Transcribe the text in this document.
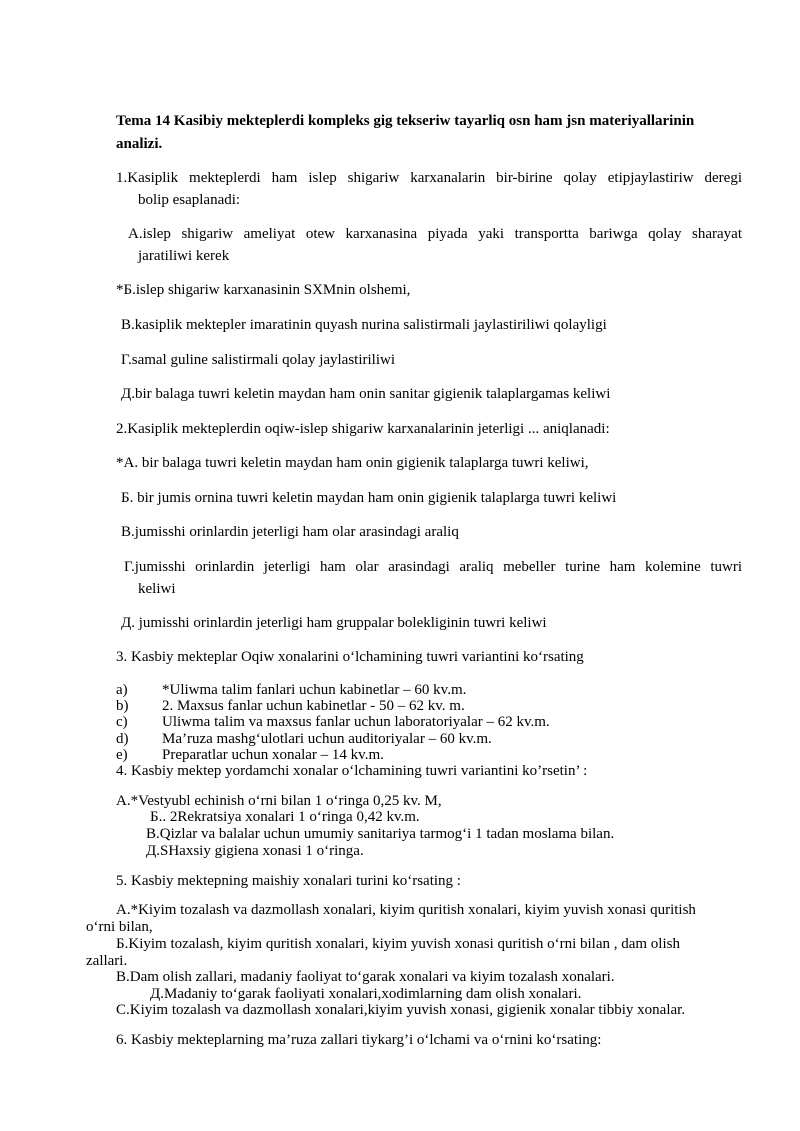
Tema 14 Kasibiy mekteplerdi kompleks gig tekseriw tayarliq osn ham jsn materiyallarinin

analizi.

1.Kasiplik mekteplerdi ham islep shigariw karxanalarin bir-birine qolay etipjaylastiriw deregi

bolip esaplanadi:

A.islep shigariw ameliyat otew karxanasina piyada yaki transportta bariwga qolay sharayat

jaratiliwi kerek

*Б.islep shigariw karxanasinin SXMnin olshemi,

В.kasiplik mektepler imaratinin quyash nurina salistirmali jaylastiriliwi qolayligi

Г.samal guline salistirmali qolay jaylastiriliwi

Д.bir balaga tuwri keletin maydan ham onin sanitar gigienik talaplargamas keliwi

2.Kasiplik mekteplerdin oqiw-islep shigariw karxanalarinin jeterligi ... aniqlanadi:

*A. bir balaga tuwri keletin maydan ham onin gigienik talaplarga tuwri keliwi,

Б. bir jumis ornina tuwri keletin maydan ham onin gigienik talaplarga tuwri keliwi

В.jumisshi orinlardin jeterligi ham olar arasindagi araliq

Г.jumisshi orinlardin jeterligi ham olar arasindagi araliq mebeller turine ham kolemine tuwri

keliwi

Д. jumisshi orinlardin jeterligi ham gruppalar bolekliginin tuwri keliwi

3. Kasbiy mekteplar Oqiw xonalarini o‘lchamining tuwri variantini ko‘rsating

a) *Uliwma talim fanlari uchun kabinetlar – 60 kv.m.
b) 2. Maxsus fanlar uchun kabinetlar - 50 – 62 kv. m.
c) Uliwma talim va maxsus fanlar uchun laboratoriyalar – 62 kv.m.
d) Ma’ruza mashg‘ulotlari uchun auditoriyalar – 60 kv.m.
e) Preparatlar uchun xonalar – 14 kv.m.

4. Kasbiy mektep yordamchi xonalar o‘lchamining tuwri variantini ko’rsetin’ :

A.*Vestyubl echinish o‘rni bilan 1 o‘ringa 0,25 kv. M,

Б.. 2Rekratsiya xonalari 1 o‘ringa 0,42 kv.m.

В.Qizlar va balalar uchun umumiy sanitariya tarmog‘i 1 tadan moslama bilan.

Д.SHaxsiy gigiena xonasi 1 o‘ringa.

5. Kasbiy mektepning maishiy xonalari turini ko‘rsating :

A.*Kiyim tozalash va dazmollash xonalari, kiyim quritish xonalari, kiyim yuvish xonasi quritish

o‘rni bilan,

Б.Kiyim tozalash, kiyim quritish xonalari, kiyim yuvish xonasi quritish o‘rni bilan , dam olish

zallari.

В.Dam olish zallari, madaniy faoliyat to‘garak xonalari va kiyim tozalash xonalari.

Д.Madaniy to‘garak faoliyati xonalari,xodimlarning dam olish xonalari.

C.Kiyim tozalash va dazmollash xonalari,kiyim yuvish xonasi, gigienik xonalar tibbiy xonalar.

6. Kasbiy mekteplarning ma’ruza zallari tiykarg’i o‘lchami va o‘rnini ko‘rsating:
